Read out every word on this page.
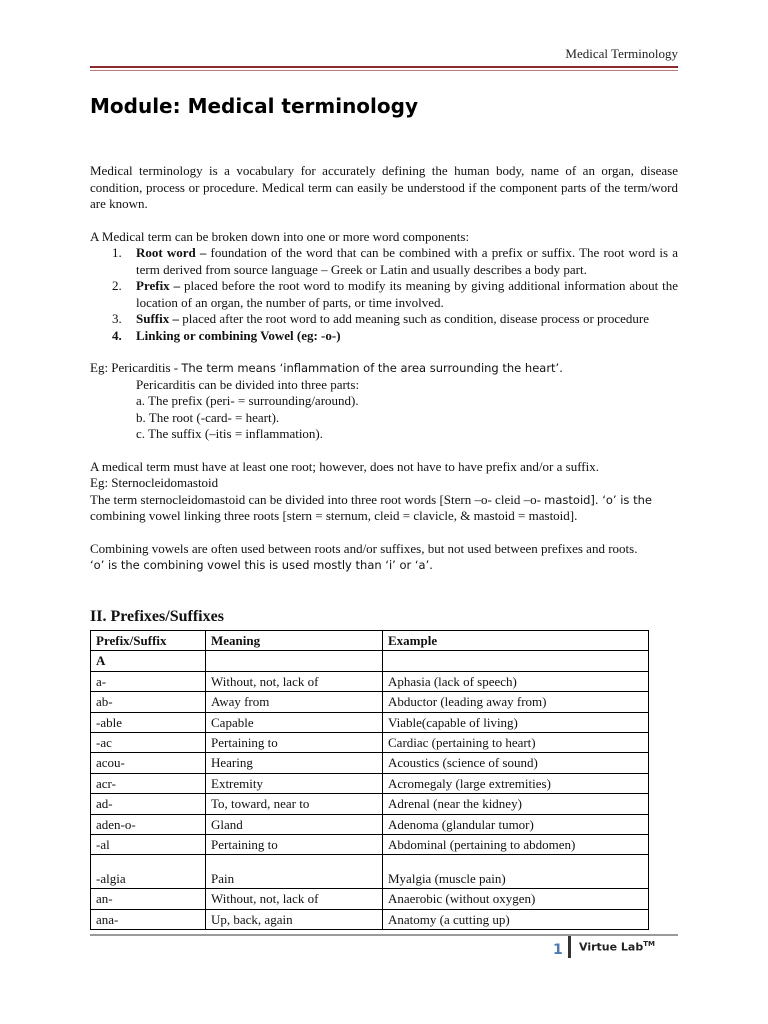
Medical Terminology
Module: Medical terminology

Medical terminology is a vocabulary for accurately defining the human body, name of an organ, disease condition, process or procedure. Medical term can easily be understood if the component parts of the term/word are known.

A Medical term can be broken down into one or more word components:

1. Root word – foundation of the word that can be combined with a prefix or suffix. The root word is a term derived from source language – Greek or Latin and usually describes a body part.
2. Prefix – placed before the root word to modify its meaning by giving additional information about the location of an organ, the number of parts, or time involved.
3. Suffix – placed after the root word to add meaning such as condition, disease process or procedure
4. Linking or combining Vowel (eg: -o-)

Eg: Pericarditis - The term means ‘inflammation of the area surrounding the heart’.

Pericarditis can be divided into three parts:

a. The prefix (peri- = surrounding/around).

b. The root (-card- = heart).

c. The suffix (–itis = inflammation).

A medical term must have at least one root; however, does not have to have prefix and/or a suffix.

Eg: Sternocleidomastoid

The term sternocleidomastoid can be divided into three root words [Stern –o- cleid –o- mastoid]. ‘o’ is the

combining vowel linking three roots [stern = sternum, cleid = clavicle, & mastoid = mastoid].

Combining vowels are often used between roots and/or suffixes, but not used between prefixes and roots.

‘o’ is the combining vowel this is used mostly than ‘i’ or ‘a’.

II. Prefixes/Suffixes
Prefix/Suffix	Meaning	Example
A		
a-	Without, not, lack of	Aphasia (lack of speech)
ab-	Away from	Abductor (leading away from)
-able	Capable	Viable(capable of living)
-ac	Pertaining to	Cardiac (pertaining to heart)
acou-	Hearing	Acoustics (science of sound)
acr-	Extremity	Acromegaly (large extremities)
ad-	To, toward, near to	Adrenal (near the kidney)
aden-o-	Gland	Adenoma (glandular tumor)
-al	Pertaining to	Abdominal (pertaining to abdomen)
-algia	Pain	Myalgia (muscle pain)
an-	Without, not, lack of	Anaerobic (without oxygen)
ana-	Up, back, again	Anatomy (a cutting up)
1 Virtue Lab™
